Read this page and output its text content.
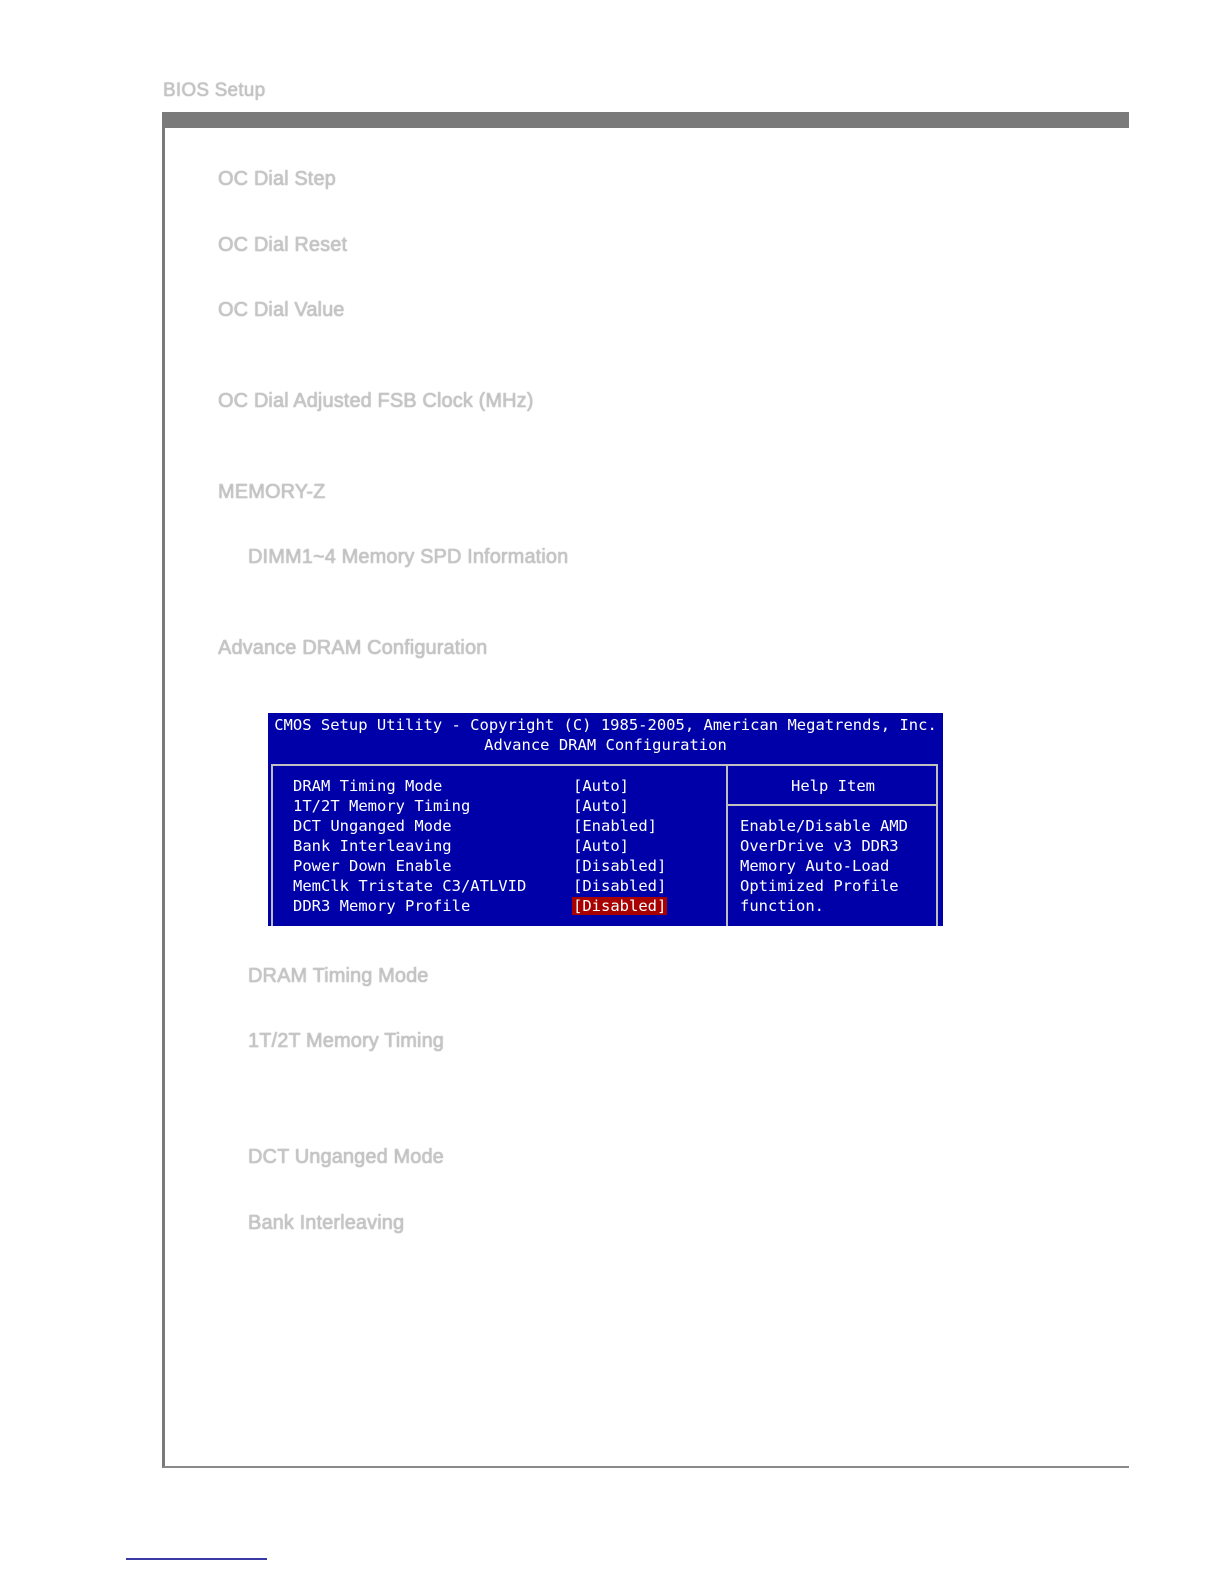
BIOS Setup
OC Dial Step
OC Dial Reset
OC Dial Value
OC Dial Adjusted FSB Clock (MHz)
MEMORY-Z
DIMM1~4 Memory SPD Information
Advance DRAM Configuration
CMOS Setup Utility - Copyright (C) 1985-2005, American Megatrends, Inc.
Advance DRAM Configuration
DRAM Timing Mode	[Auto]
1T/2T Memory Timing	[Auto]
DCT Unganged Mode	[Enabled]
Bank Interleaving	[Auto]
Power Down Enable	[Disabled]
MemClk Tristate C3/ATLVID	[Disabled]
DDR3 Memory Profile	[Disabled]
Help Item
Enable/Disable AMD
OverDrive v3 DDR3
Memory Auto-Load
Optimized Profile
function.
DRAM Timing Mode
1T/2T Memory Timing
DCT Unganged Mode
Bank Interleaving
